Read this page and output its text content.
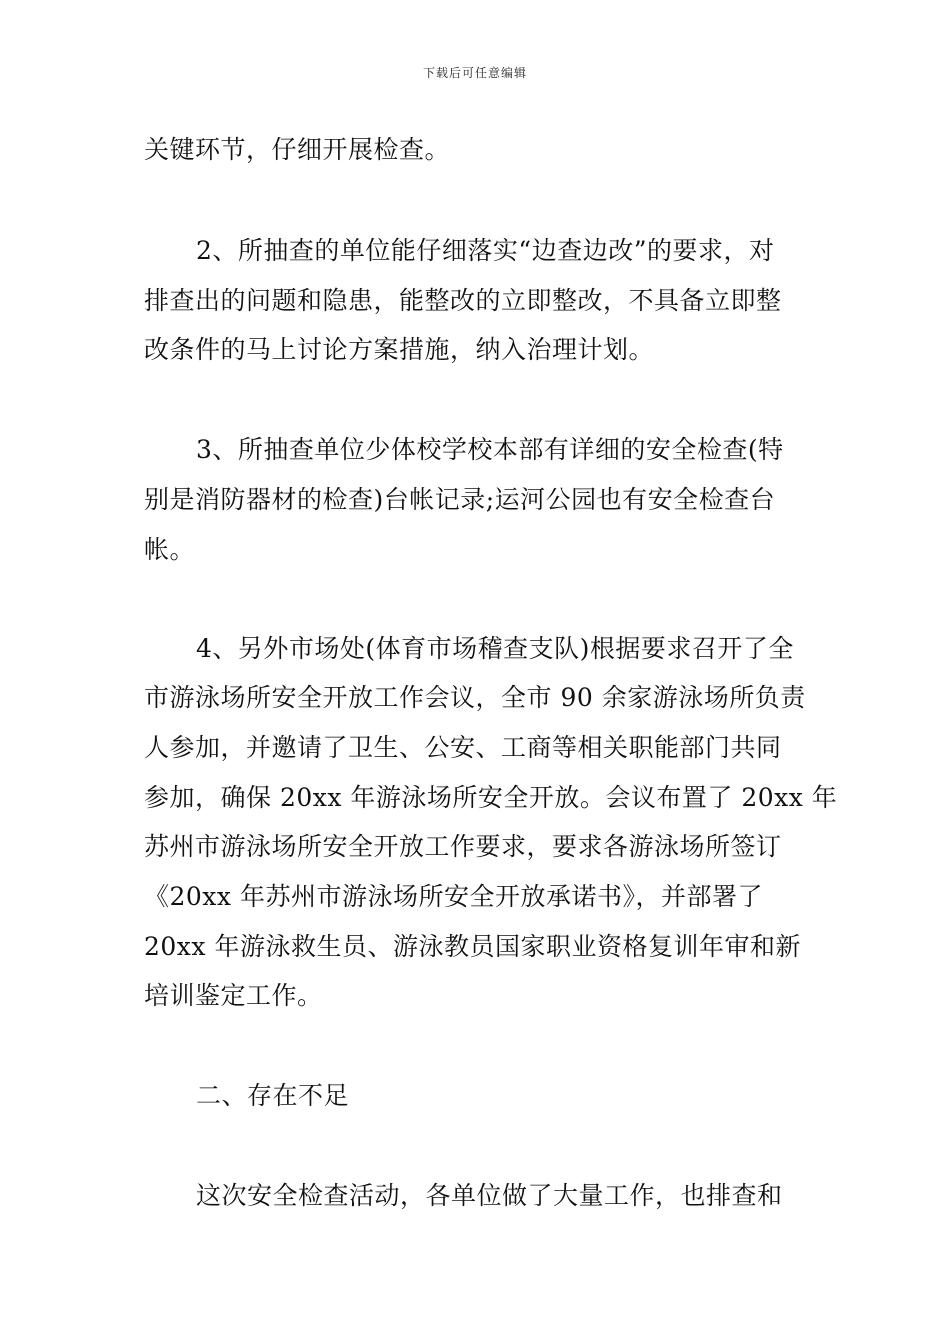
下载后可任意编辑
关键环节，仔细开展检查。
2、所抽查的单位能仔细落实“边查边改”的要求，对
排查出的问题和隐患，能整改的立即整改，不具备立即整
改条件的马上讨论方案措施，纳入治理计划。
3、所抽查单位少体校学校本部有详细的安全检查(特
别是消防器材的检查)台帐记录;运河公园也有安全检查台
帐。
4、另外市场处(体育市场稽查支队)根据要求召开了全
市游泳场所安全开放工作会议，全市 90 余家游泳场所负责
人参加，并邀请了卫生、公安、工商等相关职能部门共同
参加，确保 20xx 年游泳场所安全开放。会议布置了 20xx 年
苏州市游泳场所安全开放工作要求，要求各游泳场所签订
《20xx 年苏州市游泳场所安全开放承诺书》，并部署了
20xx 年游泳救生员、游泳教员国家职业资格复训年审和新
培训鉴定工作。
二、存在不足
这次安全检查活动，各单位做了大量工作，也排查和
